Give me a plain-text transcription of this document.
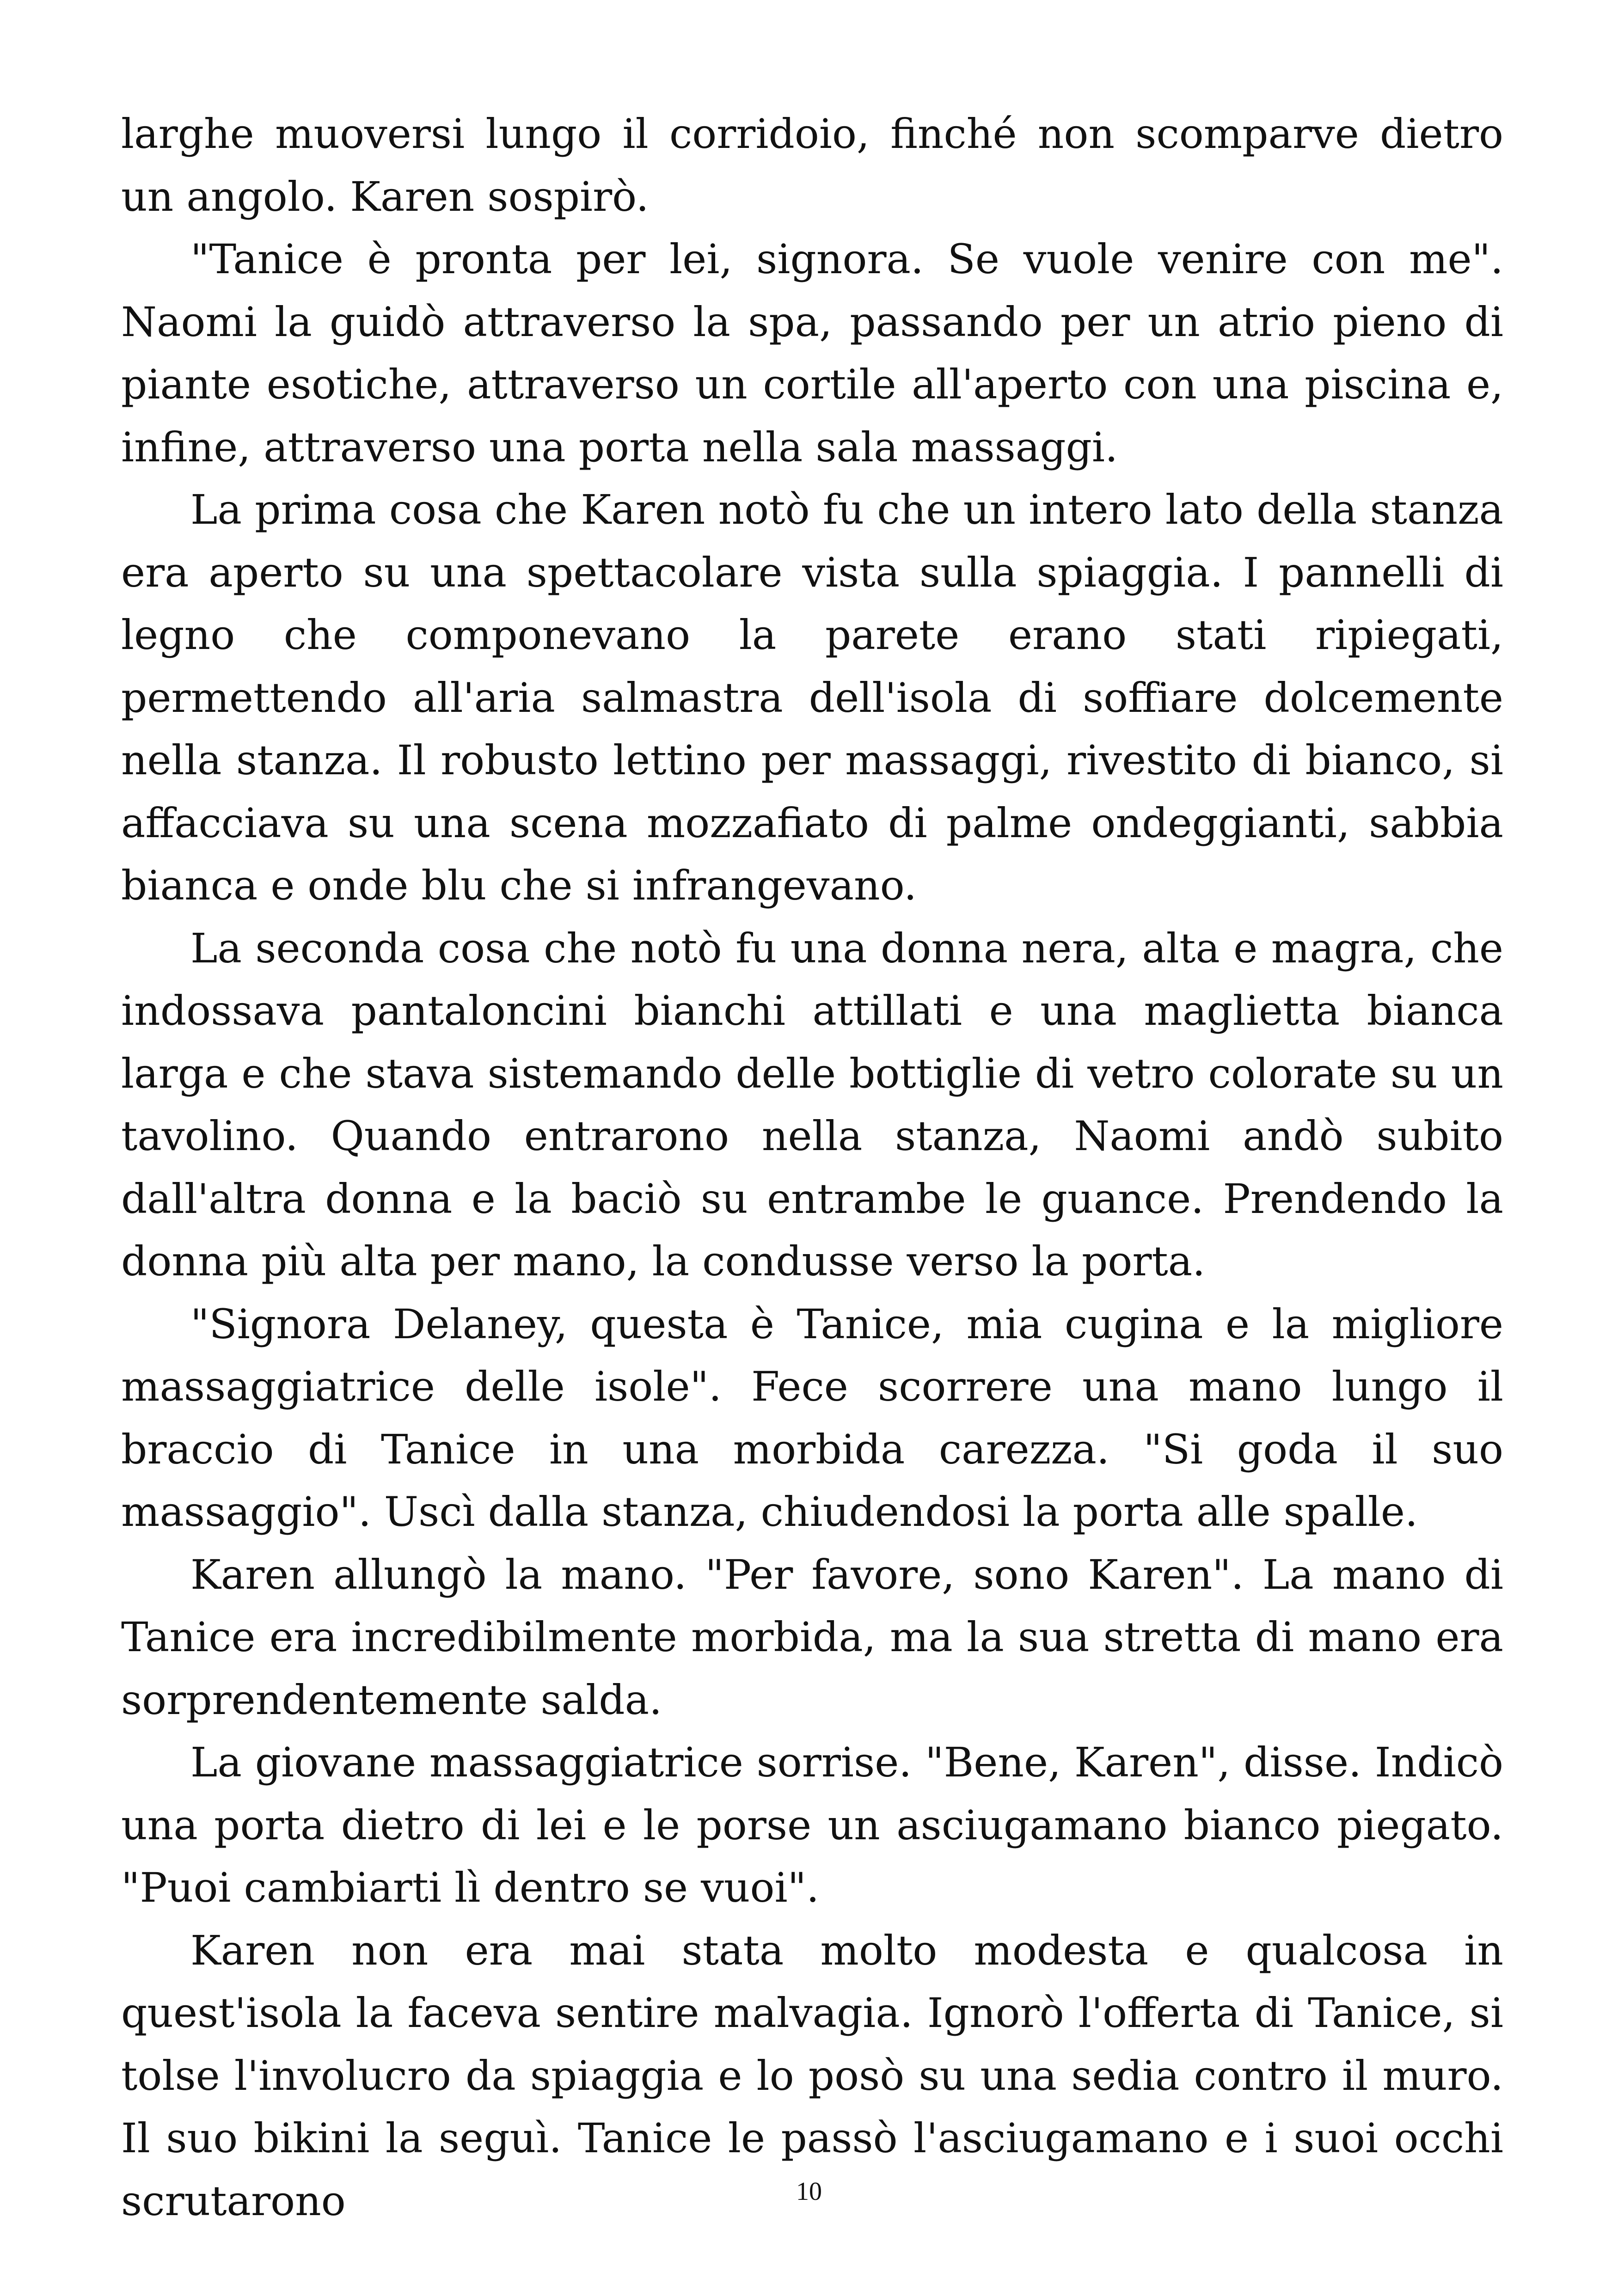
larghe muoversi lungo il corridoio, finché non scomparve dietro un angolo. Karen sospirò.

"Tanice è pronta per lei, signora. Se vuole venire con me". Naomi la guidò attraverso la spa, passando per un atrio pieno di piante esotiche, attraverso un cortile all'aperto con una piscina e, infine, attraverso una porta nella sala massaggi.

La prima cosa che Karen notò fu che un intero lato della stanza era aperto su una spettacolare vista sulla spiaggia. I pannelli di legno che componevano la parete erano stati ripiegati, permettendo all'aria salmastra dell'isola di soffiare dolcemente nella stanza. Il robusto lettino per massaggi, rivestito di bianco, si affacciava su una scena mozzafiato di palme ondeggianti, sabbia bianca e onde blu che si infrangevano.

La seconda cosa che notò fu una donna nera, alta e magra, che indossava pantaloncini bianchi attillati e una maglietta bianca larga e che stava sistemando delle bottiglie di vetro colorate su un tavolino. Quando entrarono nella stanza, Naomi andò subito dall'altra donna e la baciò su entrambe le guance. Prendendo la donna più alta per mano, la condusse verso la porta.

"Signora Delaney, questa è Tanice, mia cugina e la migliore massaggiatrice delle isole". Fece scorrere una mano lungo il braccio di Tanice in una morbida carezza. "Si goda il suo massaggio". Uscì dalla stanza, chiudendosi la porta alle spalle.

Karen allungò la mano. "Per favore, sono Karen". La mano di Tanice era incredibilmente morbida, ma la sua stretta di mano era sorprendentemente salda.

La giovane massaggiatrice sorrise. "Bene, Karen", disse. Indicò una porta dietro di lei e le porse un asciugamano bianco piegato. "Puoi cambiarti lì dentro se vuoi".

Karen non era mai stata molto modesta e qualcosa in quest'isola la faceva sentire malvagia. Ignorò l'offerta di Tanice, si tolse l'involucro da spiaggia e lo posò su una sedia contro il muro. Il suo bikini la seguì. Tanice le passò l'asciugamano e i suoi occhi scrutarono	10
